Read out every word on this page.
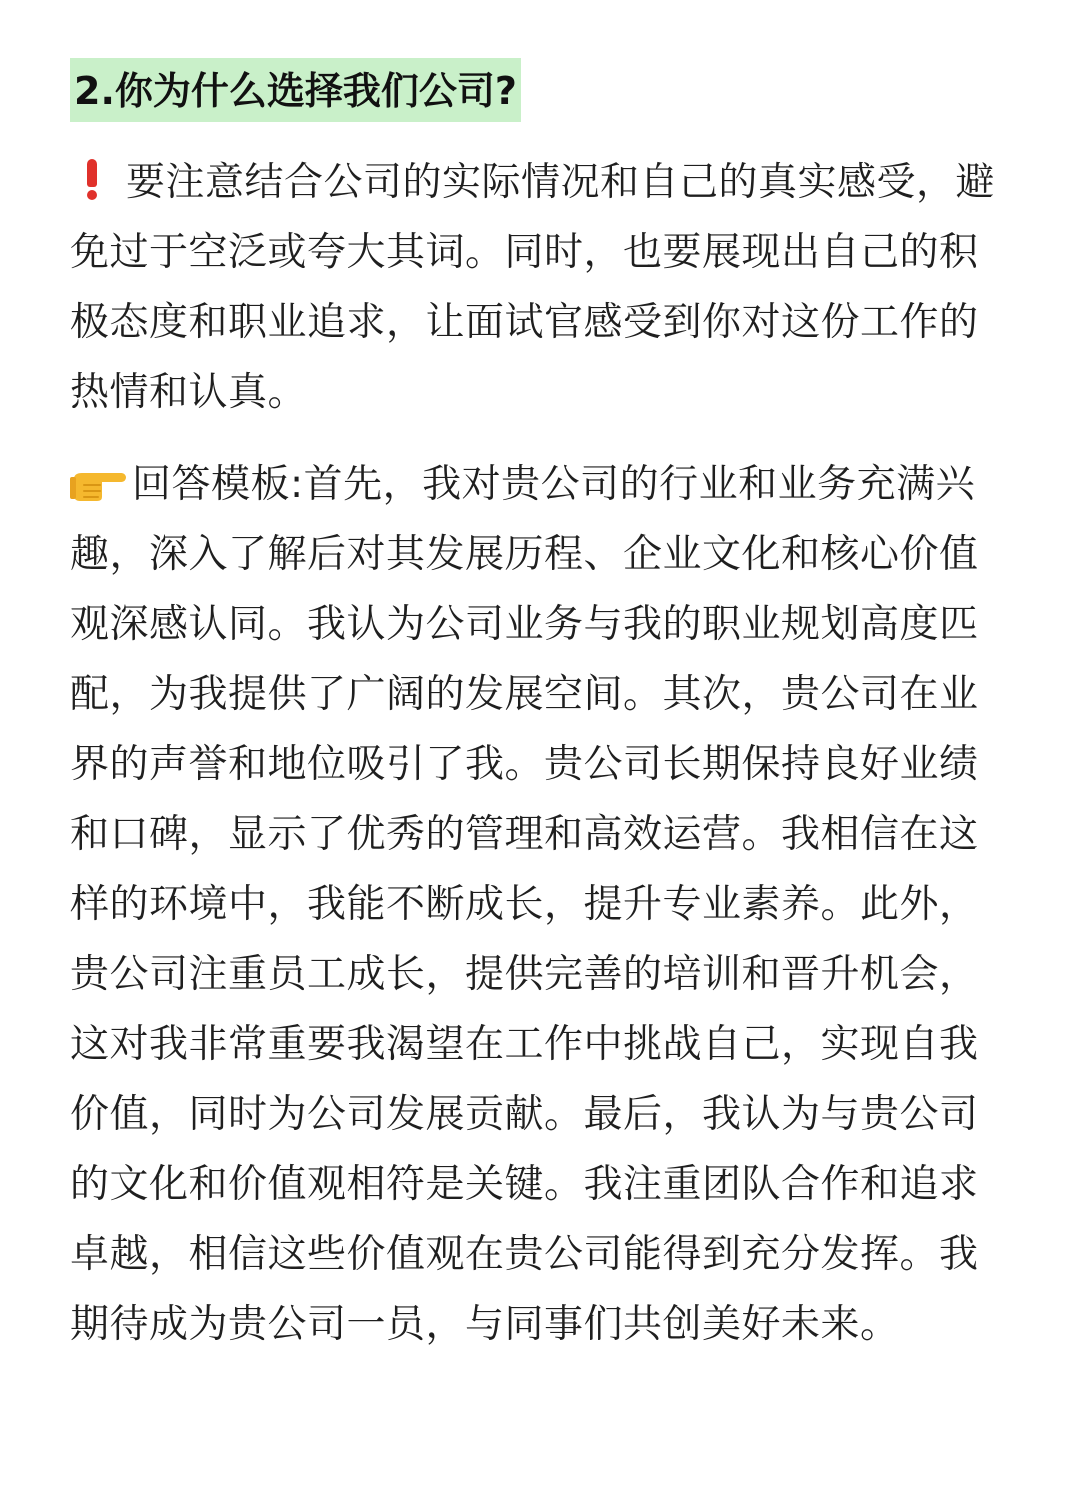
2.你为什么选择我们公司?

要注意结合公司的实际情况和自己的真实感受，避免过于空泛或夸大其词。同时，也要展现出自己的积极态度和职业追求，让面试官感受到你对这份工作的热情和认真。

回答模板:首先，我对贵公司的行业和业务充满兴趣，深入了解后对其发展历程、企业文化和核心价值观深感认同。我认为公司业务与我的职业规划高度匹配，为我提供了广阔的发展空间。其次，贵公司在业界的声誉和地位吸引了我。贵公司长期保持良好业绩和口碑，显示了优秀的管理和高效运营。我相信在这样的环境中，我能不断成长，提升专业素养。此外，贵公司注重员工成长，提供完善的培训和晋升机会，这对我非常重要我渴望在工作中挑战自己，实现自我价值，同时为公司发展贡献。最后，我认为与贵公司的文化和价值观相符是关键。我注重团队合作和追求卓越，相信这些价值观在贵公司能得到充分发挥。我期待成为贵公司一员，与同事们共创美好未来。
